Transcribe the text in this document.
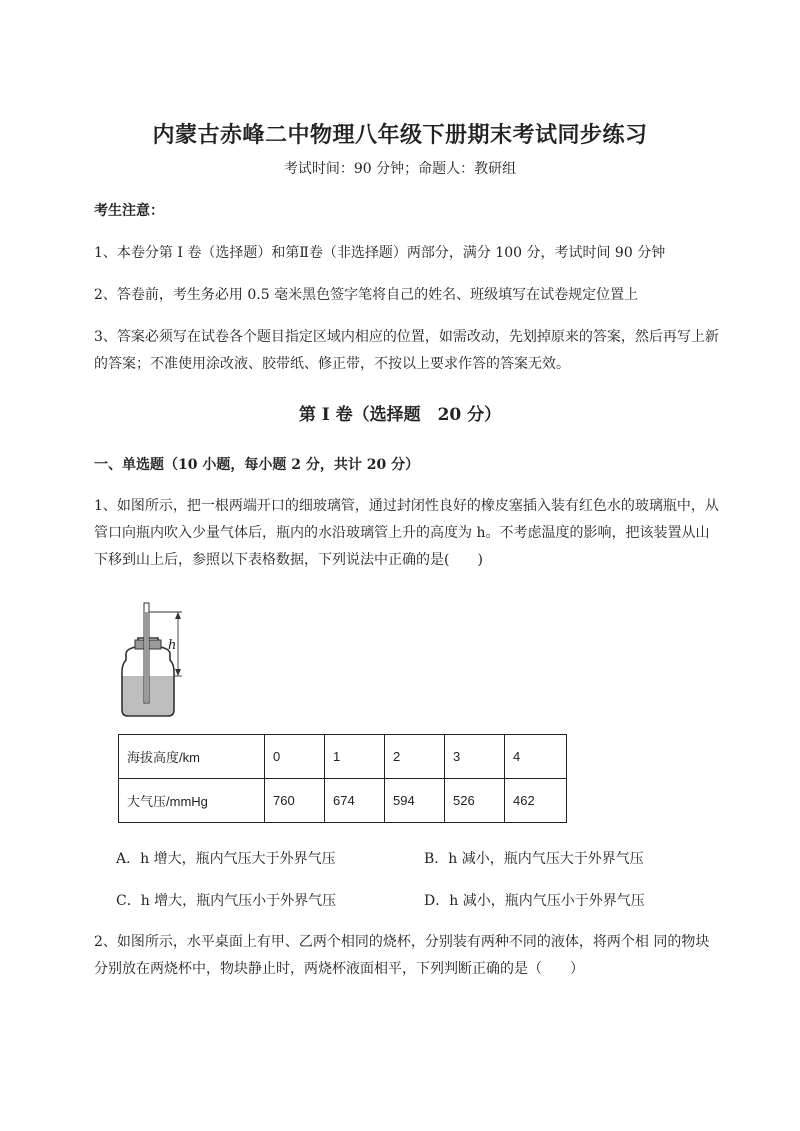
内蒙古赤峰二中物理八年级下册期末考试同步练习
考试时间：90 分钟；命题人：教研组
考生注意：
1、本卷分第 I 卷（选择题）和第Ⅱ卷（非选择题）两部分，满分 100 分，考试时间 90 分钟
2、答卷前，考生务必用 0.5 毫米黑色签字笔将自己的姓名、班级填写在试卷规定位置上
3、答案必须写在试卷各个题目指定区域内相应的位置，如需改动，先划掉原来的答案，然后再写上新
的答案；不准使用涂改液、胶带纸、修正带，不按以上要求作答的答案无效。
第 I 卷（选择题　20 分）
一、单选题（10 小题，每小题 2 分，共计 20 分）
1、如图所示，把一根两端开口的细玻璃管，通过封闭性良好的橡皮塞插入装有红色水的玻璃瓶中，从
管口向瓶内吹入少量气体后，瓶内的水沿玻璃管上升的高度为 h。不考虑温度的影响，把该装置从山
下移到山上后，参照以下表格数据，下列说法中正确的是(　　)
h
海拔高度/km	0	1	2	3	4
大气压/mmHg	760	674	594	526	462
A．h 增大，瓶内气压大于外界气压	B．h 减小，瓶内气压大于外界气压
C．h 增大，瓶内气压小于外界气压	D．h 减小，瓶内气压小于外界气压
2、如图所示，水平桌面上有甲、乙两个相同的烧杯，分别装有两种不同的液体，将两个相 同的物块
分别放在两烧杯中，物块静止时，两烧杯液面相平，下列判断正确的是（　　）
